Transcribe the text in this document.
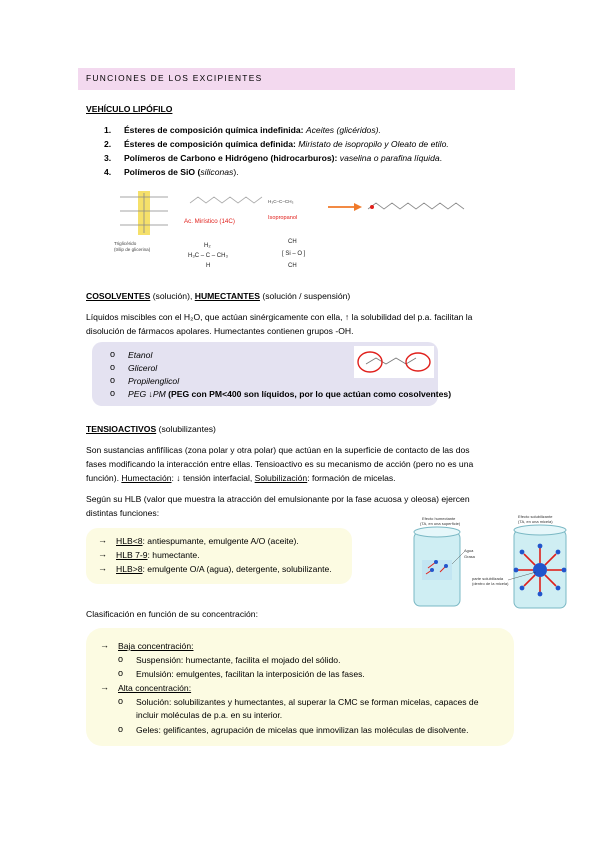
FUNCIONES DE LOS EXCIPIENTES
VEHÍCULO LIPÓFILO
1. Ésteres de composición química indefinida: Aceites (glicéridos).
2. Ésteres de composición química definida: Miristato de isopropilo y Oleato de etilo.
3. Polímeros de Carbono e Hidrógeno (hidrocarburos): vaselina o parafina líquida.
4. Polímeros de SiO (siliconas).
Triglicérido
(trilip de glicerina)
Ac. Mirístico (14C)
H₃C–C–CH₃
Isopropanol
H₂
H₃C – C – CH₃
H
CH
[ Si – O ]
CH
COSOLVENTES (solución), HUMECTANTES (solución / suspensión)
Líquidos miscibles con el H₂O, que actúan sinérgicamente con ella, ↑ la solubilidad del p.a. facilitan la
disolución de fármacos apolares. Humectantes contienen grupos -OH.
o Etanol
o Glicerol
o Propilenglicol
o PEG ↓PM (PEG con PM<400 son líquidos, por lo que actúan como cosolventes)
TENSIOACTIVOS (solubilizantes)
Son sustancias anfifílicas (zona polar y otra polar) que actúan en la superficie de contacto de las dos
fases modificando la interacción entre ellas. Tensioactivo es su mecanismo de acción (pero no es una
función). Humectación: ↓ tensión interfacial, Solubilización: formación de micelas.
Según su HLB (valor que muestra la atracción del emulsionante por la fase acuosa y oleosa) ejercen
distintas funciones:
→ HLB<8: antiespumante, emulgente A/O (aceite).
→ HLB 7-9: humectante.
→ HLB>8: emulgente O/A (agua), detergente, solubilizante.
Efecto humectante
(TA, en una superficie)
Agua
Grasa
Efecto solubilizante
(TA, en una micela)
parte solubilizada
(dentro de la micela)
Clasificación en función de su concentración:
→ Baja concentración:
o Suspensión: humectante, facilita el mojado del sólido.
o Emulsión: emulgentes, facilitan la interposición de las fases.
→ Alta concentración:
o Solución: solubilizantes y humectantes, al superar la CMC se forman micelas, capaces de
incluir moléculas de p.a. en su interior.
o Geles: gelificantes, agrupación de micelas que inmovilizan las moléculas de disolvente.
